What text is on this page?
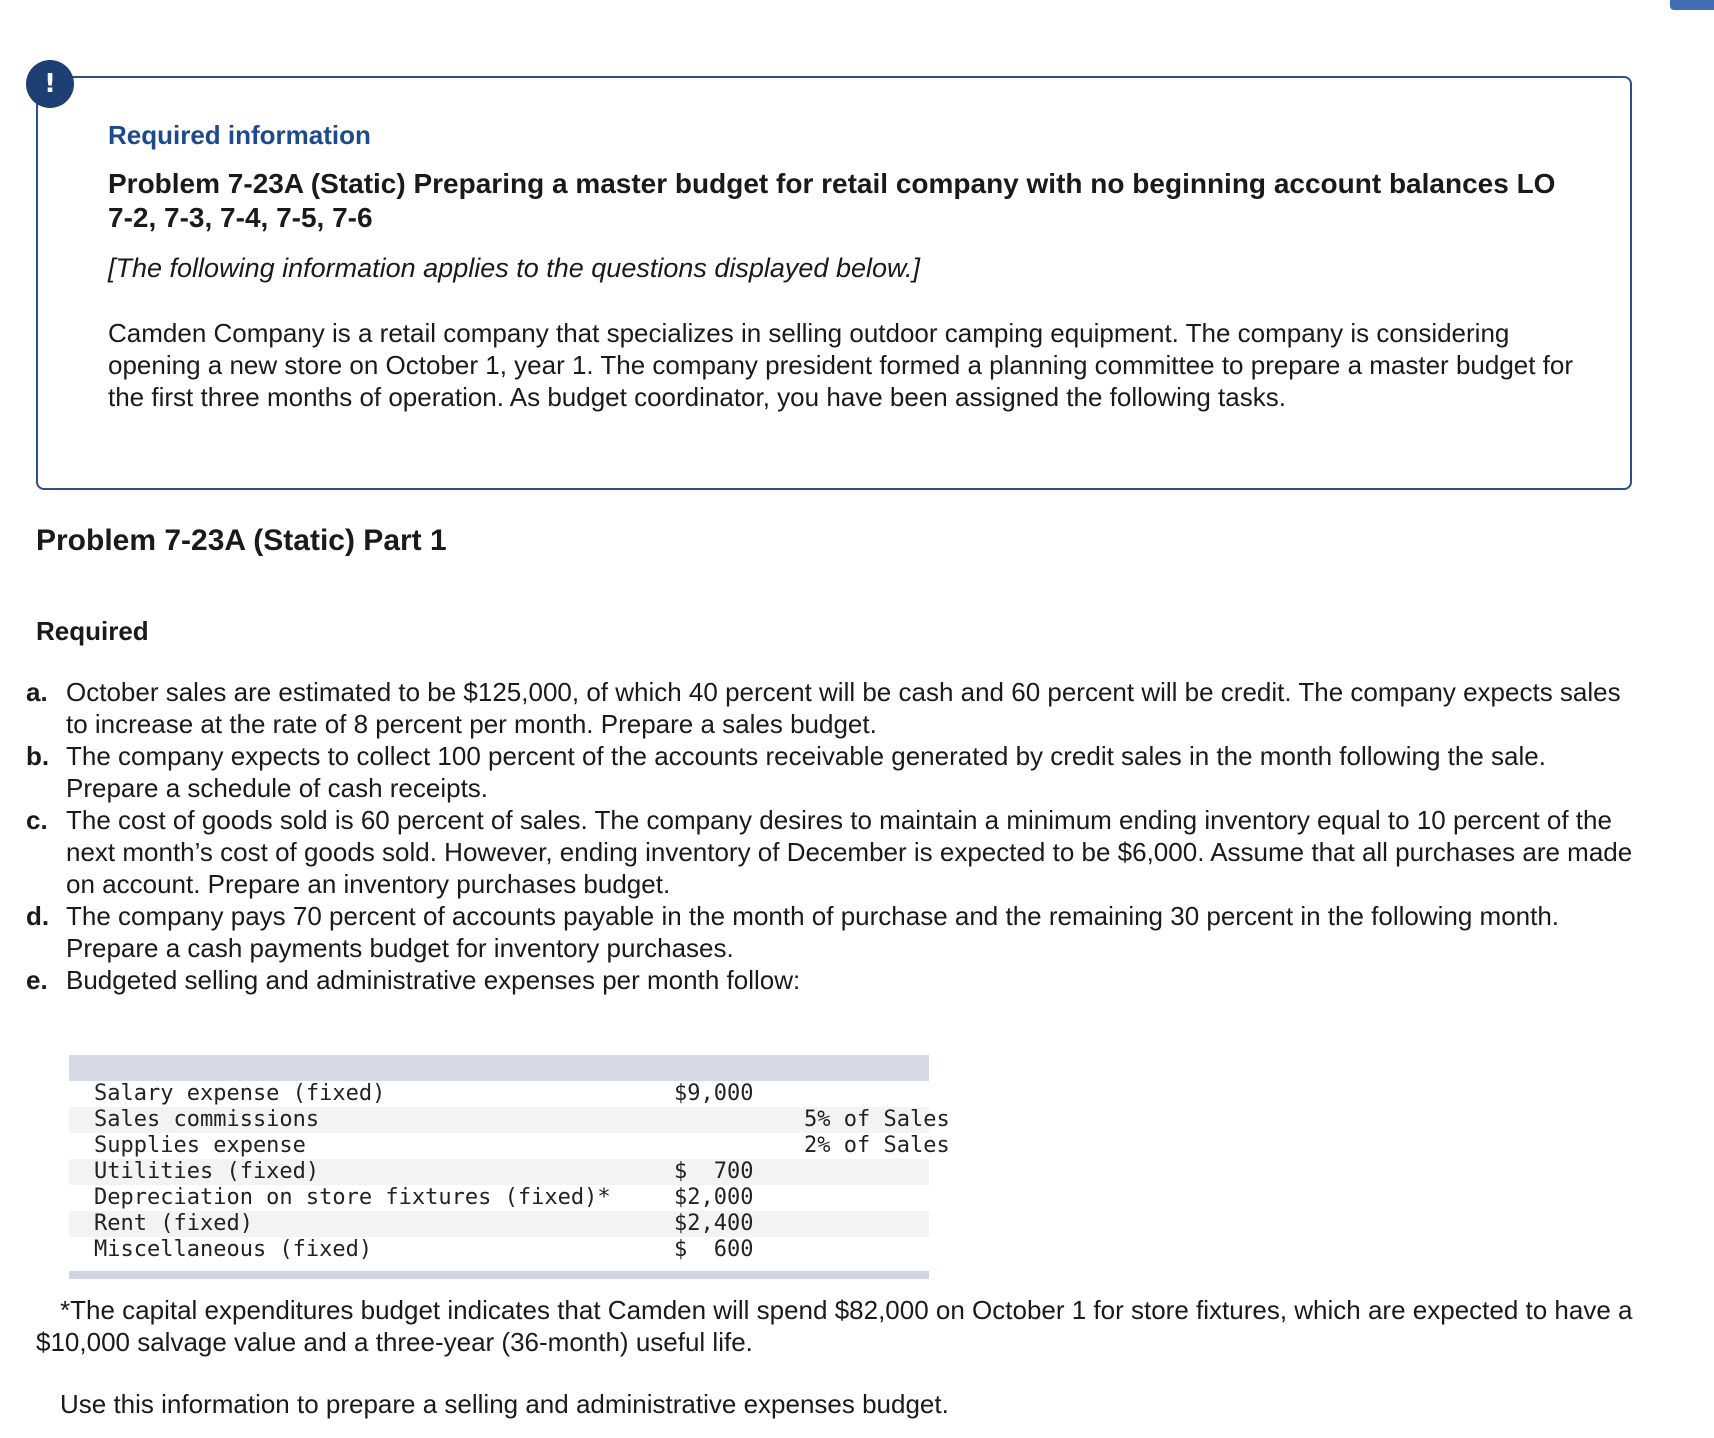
!
Required information
Problem 7-23A (Static) Preparing a master budget for retail company with no beginning account balances LO 7-2, 7-3, 7-4, 7-5, 7-6
[The following information applies to the questions displayed below.]
Camden Company is a retail company that specializes in selling outdoor camping equipment. The company is considering opening a new store on October 1, year 1. The company president formed a planning committee to prepare a master budget for the first three months of operation. As budget coordinator, you have been assigned the following tasks.
Problem 7-23A (Static) Part 1
Required
a. October sales are estimated to be $125,000, of which 40 percent will be cash and 60 percent will be credit. The company expects sales to increase at the rate of 8 percent per month. Prepare a sales budget.
b. The company expects to collect 100 percent of the accounts receivable generated by credit sales in the month following the sale. Prepare a schedule of cash receipts.
c. The cost of goods sold is 60 percent of sales. The company desires to maintain a minimum ending inventory equal to 10 percent of the next month’s cost of goods sold. However, ending inventory of December is expected to be $6,000. Assume that all purchases are made on account. Prepare an inventory purchases budget.
d. The company pays 70 percent of accounts payable in the month of purchase and the remaining 30 percent in the following month. Prepare a cash payments budget for inventory purchases.
e. Budgeted selling and administrative expenses per month follow:
Salary expense (fixed)	$9,000
Sales commissions	5% of Sales
Supplies expense	2% of Sales
Utilities (fixed)	$  700
Depreciation on store fixtures (fixed)*	$2,000
Rent (fixed)	$2,400
Miscellaneous (fixed)	$  600
*The capital expenditures budget indicates that Camden will spend $82,000 on October 1 for store fixtures, which are expected to have a $10,000 salvage value and a three-year (36-month) useful life.
Use this information to prepare a selling and administrative expenses budget.
